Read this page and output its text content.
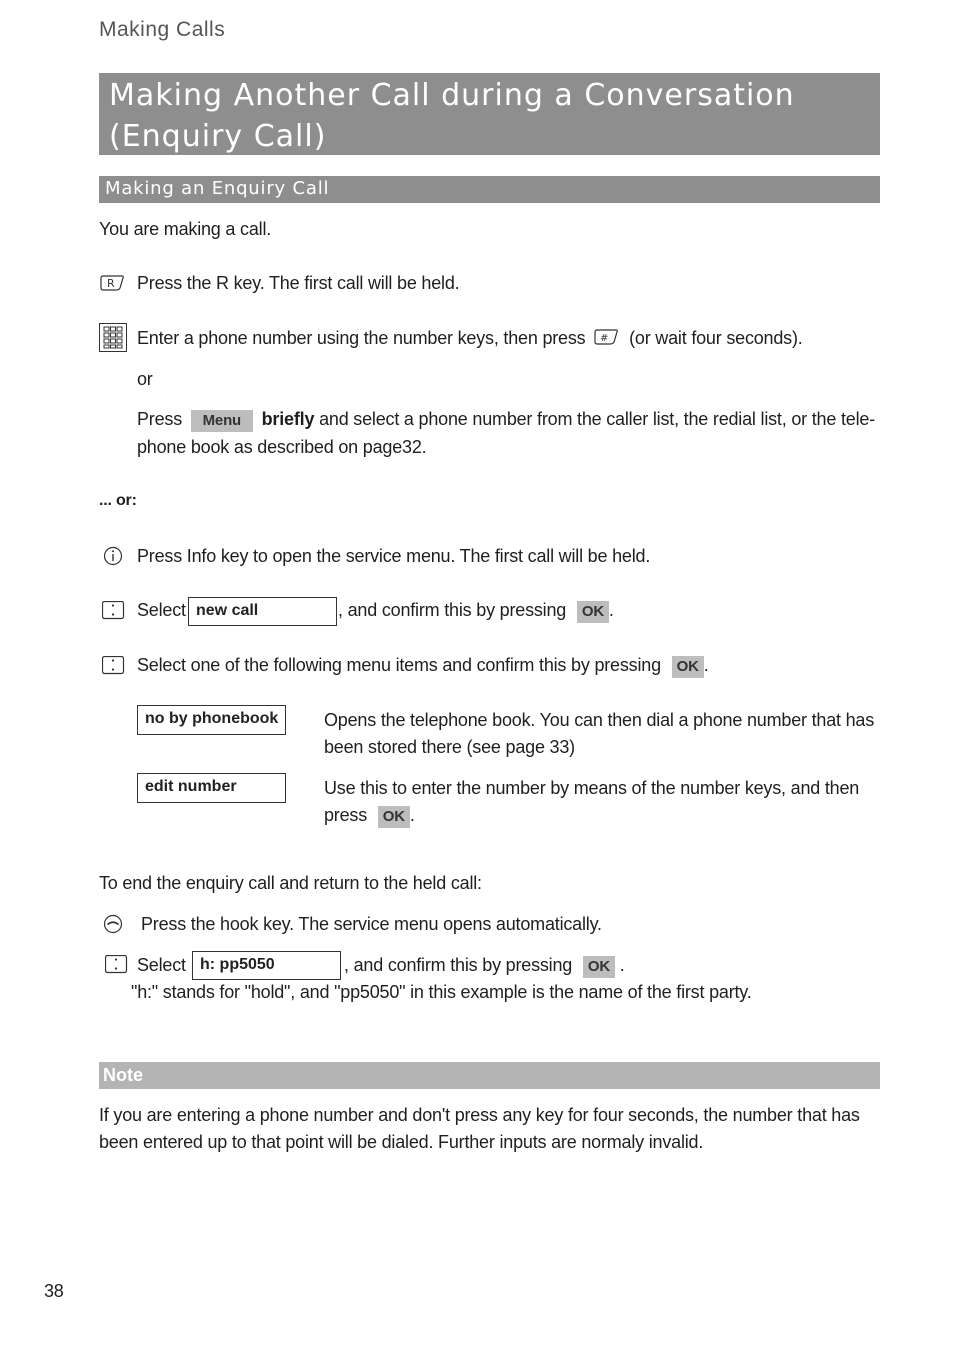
Making Calls
Making Another Call during a Conversation
(Enquiry Call)
Making an Enquiry Call
You are making a call.
R Press the R key. The first call will be held.
Enter a phone number using the number keys, then press # (or wait four seconds).
or
Press Menu briefly and select a phone number from the caller list, the redial list, or the tele-
phone book as described on page32.
... or:
Press Info key to open the service menu. The first call will be held.
Select new call	, and confirm this by pressing OK .
Select one of the following menu items and confirm this by pressing OK .
no by phonebook	Opens the telephone book. You can then dial a phone number that has
been stored there (see page 33)
edit number	Use this to enter the number by means of the number keys, and then
press OK .
To end the enquiry call and return to the held call:
Press the hook key. The service menu opens automatically.
Select h: pp5050	, and confirm this by pressing OK .
"h:" stands for "hold", and "pp5050" in this example is the name of the first party.
Note
If you are entering a phone number and don't press any key for four seconds, the number that has
been entered up to that point will be dialed. Further inputs are normaly invalid.
38
